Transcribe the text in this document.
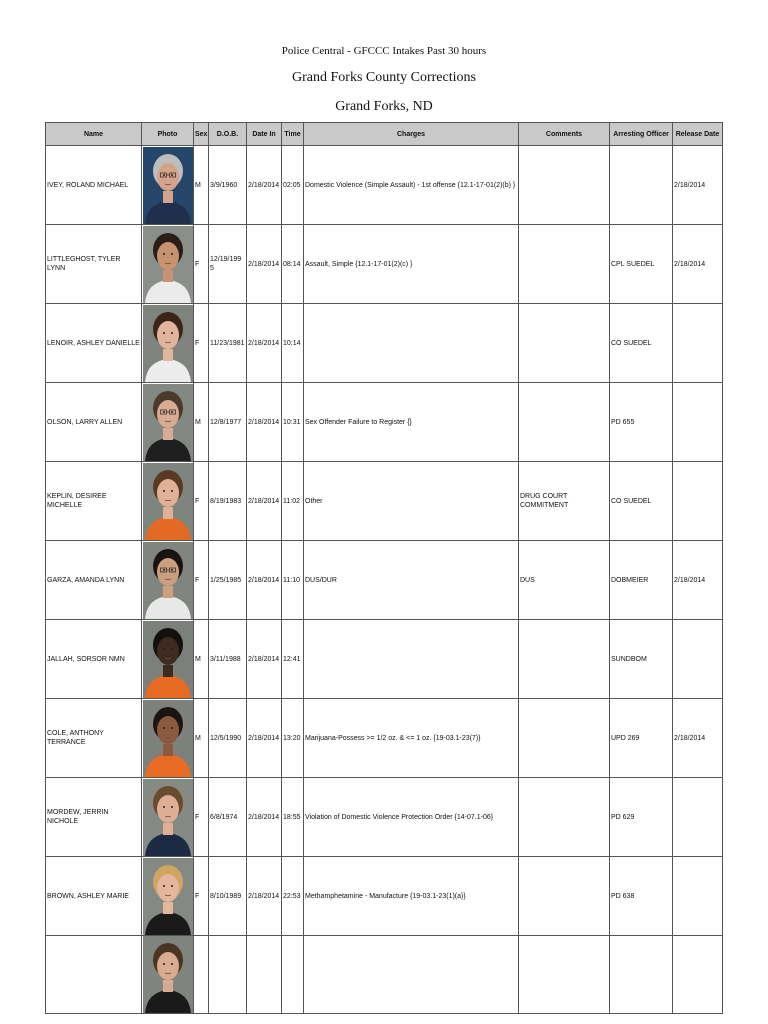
Police Central - GFCCC Intakes Past 30 hours
Grand Forks County Corrections
Grand Forks, ND
Name	Photo	Sex	D.O.B.	Date In	Time	Charges	Comments	Arresting Officer	Release Date
IVEY, ROLAND MICHAEL		M	3/9/1960	2/18/2014	02:05	Domestic Violence (Simple Assault) - 1st offense {12.1-17-01(2)(b) }			2/18/2014
LITTLEGHOST, TYLER LYNN		F	12/19/1995	2/18/2014	08:14	Assault, Simple {12.1-17-01(2)(c) }		CPL SUEDEL	2/18/2014
LENOIR, ASHLEY DANIELLE		F	11/23/1981	2/18/2014	10:14			CO SUEDEL	
OLSON, LARRY ALLEN		M	12/8/1977	2/18/2014	10:31	Sex Offender Failure to Register {}		PD 655	
KEPLIN, DESIREE MICHELLE		F	8/19/1983	2/18/2014	11:02	Other	DRUG COURT COMMITMENT	CO SUEDEL	
GARZA, AMANDA LYNN		F	1/25/1985	2/18/2014	11:10	DUS/DUR	DUS	DOBMEIER	2/18/2014
JALLAH, SORSOR NMN		M	3/11/1988	2/18/2014	12:41			SUNDBOM	
COLE, ANTHONY TERRANCE		M	12/5/1990	2/18/2014	13:20	Marijuana-Possess >= 1/2 oz. & <= 1 oz. {19-03.1-23(7)}		UPD 269	2/18/2014
MORDEW, JERRIN NICHOLE		F	6/8/1974	2/18/2014	18:55	Violation of Domestic Violence Protection Order {14-07.1-06}		PD 629	
BROWN, ASHLEY MARIE		F	8/10/1989	2/18/2014	22:53	Methamphetamine - Manufacture {19-03.1-23(1)(a)}		PD 638	
